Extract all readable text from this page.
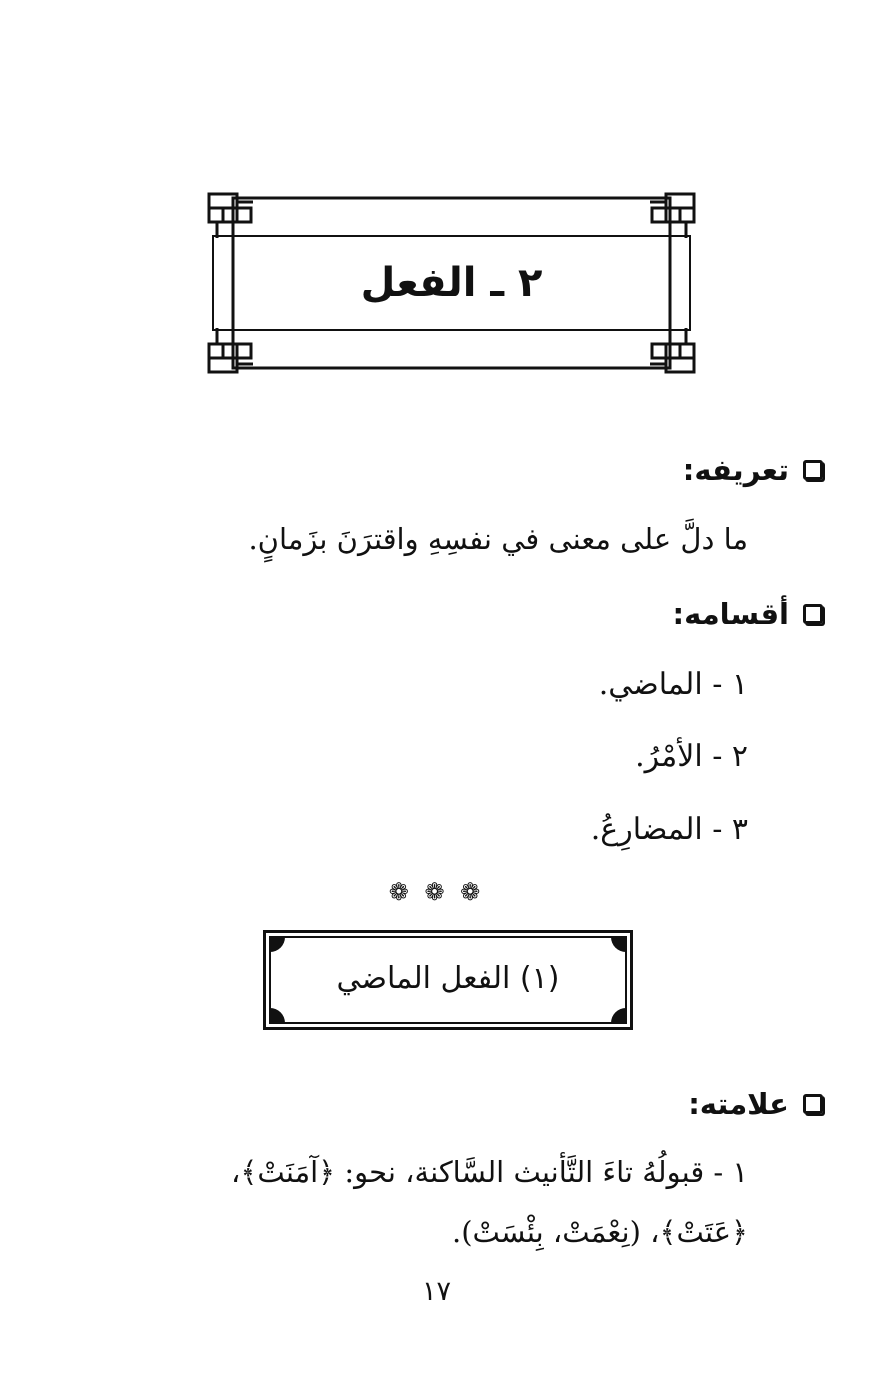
٢ ـ الفعل
تعريفه:
ما دلَّ على معنى في نفسِهِ واقترَنَ بزَمانٍ.
أقسامه:
١ - الماضي.
٢ - الأمْرُ.
٣ - المضارِعُ.
❁ ❁ ❁
(١) الفعل الماضي
علامته:
١ - قبولُهُ تاءَ التَّأنيث السَّاكنة، نحو: ﴿آمَنَتْ﴾،
﴿عَتَتْ﴾، (نِعْمَتْ، بِئْسَتْ).
١٧
